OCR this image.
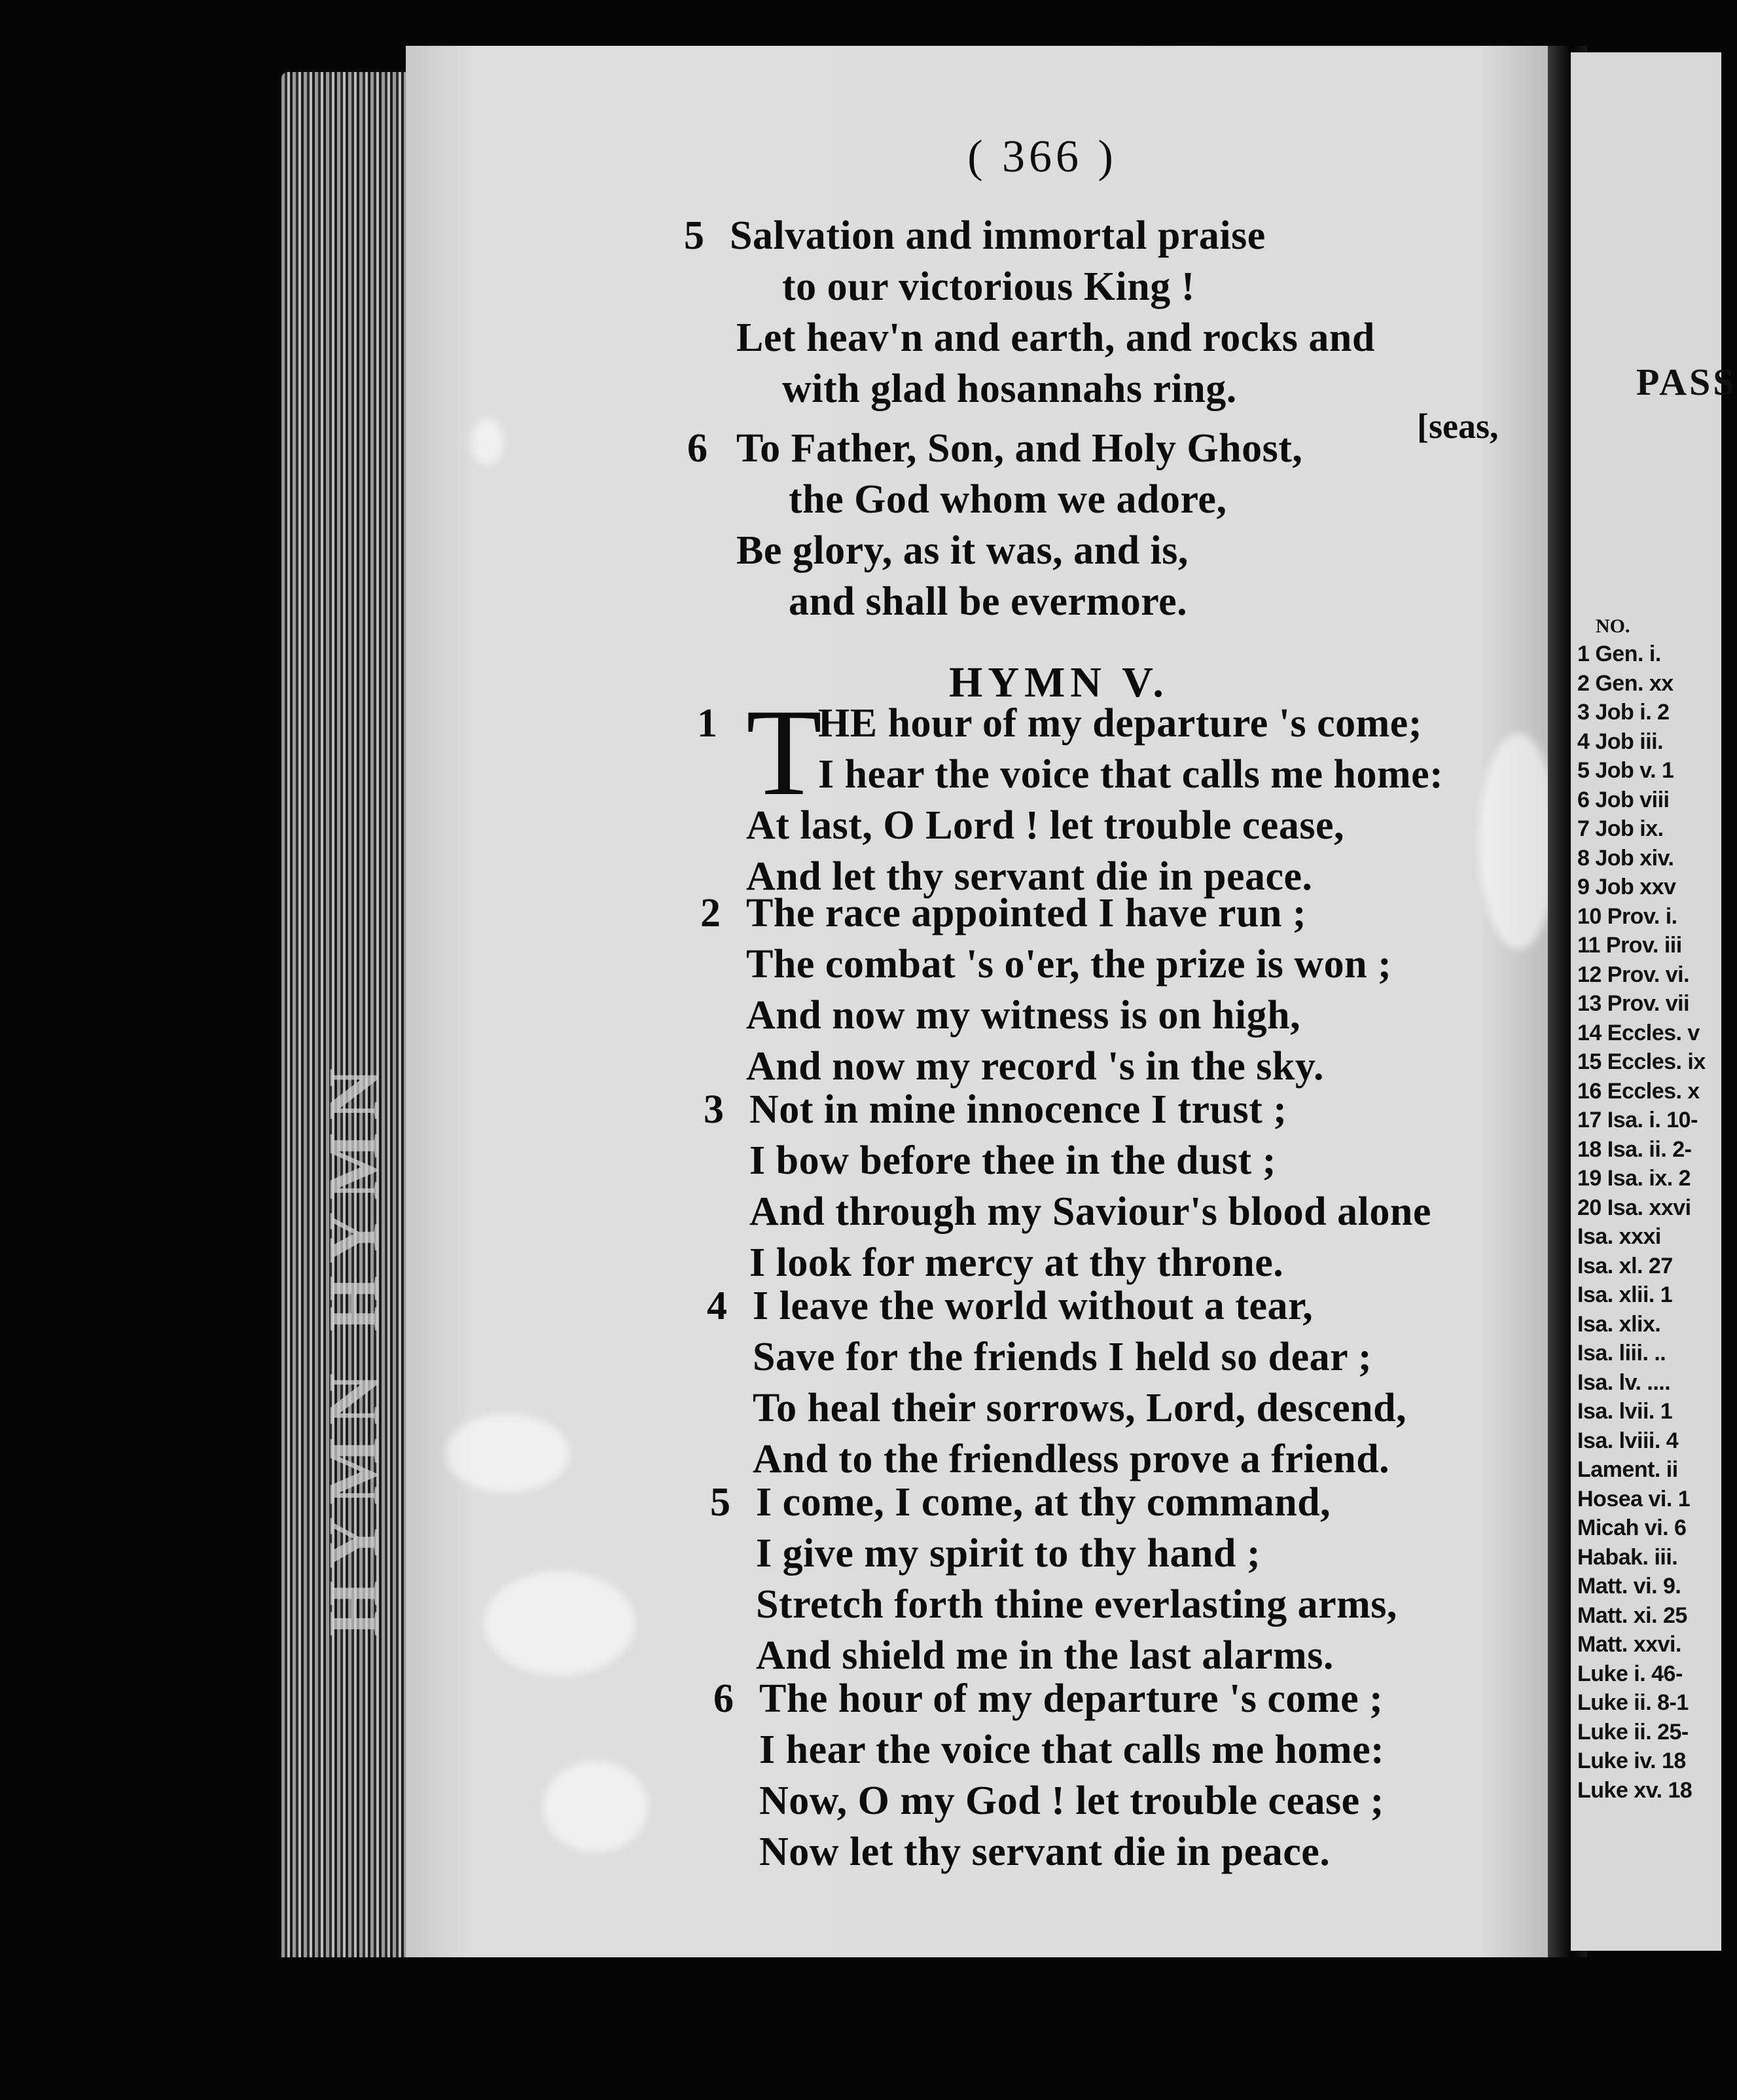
HYMN HYMN
( 366 )
5 Salvation and immortal praise
to our victorious King !
Let heav'n and earth, and rocks and
with glad hosannahs ring.
[seas,
6 To Father, Son, and Holy Ghost,
the God whom we adore,
Be glory, as it was, and is,
and shall be evermore.
HYMN V.
1 HE hour of my departure 's come;
I hear the voice that calls me home:
At last, O Lord ! let trouble cease,
And let thy servant die in peace.
T
2 The race appointed I have run ;
The combat 's o'er, the prize is won ;
And now my witness is on high,
And now my record 's in the sky.
3 Not in mine innocence I trust ;
I bow before thee in the dust ;
And through my Saviour's blood alone
I look for mercy at thy throne.
4 I leave the world without a tear,
Save for the friends I held so dear ;
To heal their sorrows, Lord, descend,
And to the friendless prove a friend.
5 I come, I come, at thy command,
I give my spirit to thy hand ;
Stretch forth thine everlasting arms,
And shield me in the last alarms.
6 The hour of my departure 's come ;
I hear the voice that calls me home:
Now, O my God ! let trouble cease ;
Now let thy servant die in peace.
PASS
NO.
1 Gen. i.
2 Gen. xx
3 Job i. 2
4 Job iii.
5 Job v. 1
6 Job viii
7 Job ix.
8 Job xiv.
9 Job xxv
10 Prov. i.
11 Prov. iii
12 Prov. vi.
13 Prov. vii
14 Eccles. v
15 Eccles. ix
16 Eccles. x
17 Isa. i. 10-
18 Isa. ii. 2-
19 Isa. ix. 2
20 Isa. xxvi
Isa. xxxi
Isa. xl. 27
Isa. xlii. 1
Isa. xlix.
Isa. liii. ..
Isa. lv. ....
Isa. lvii. 1
Isa. lviii. 4
Lament. ii
Hosea vi. 1
Micah vi. 6
Habak. iii.
Matt. vi. 9.
Matt. xi. 25
Matt. xxvi.
Luke i. 46-
Luke ii. 8-1
Luke ii. 25-
Luke iv. 18
Luke xv. 18
